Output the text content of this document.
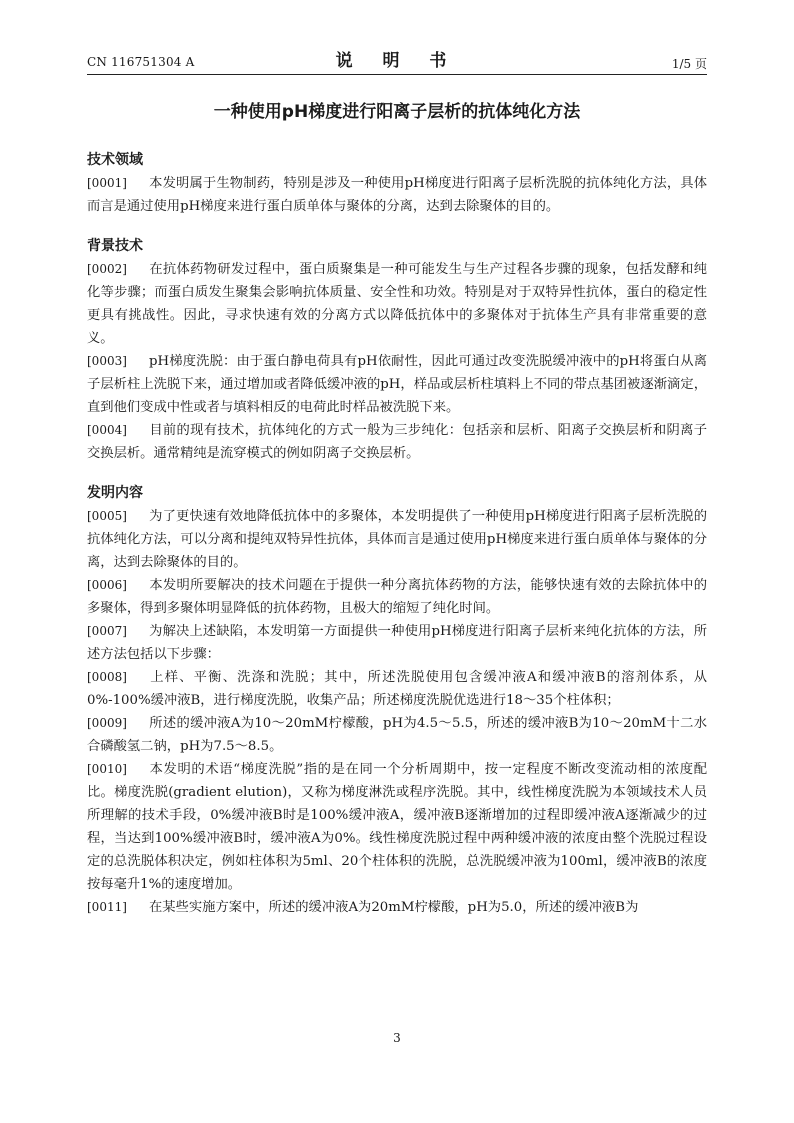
CN 116751304 A	说 明 书	1/5 页
一种使用pH梯度进行阳离子层析的抗体纯化方法
技术领域

[0001] 本发明属于生物制药，特别是涉及一种使用pH梯度进行阳离子层析洗脱的抗体纯化方法，具体而言是通过使用pH梯度来进行蛋白质单体与聚体的分离，达到去除聚体的目的。

背景技术

[0002] 在抗体药物研发过程中，蛋白质聚集是一种可能发生与生产过程各步骤的现象，包括发酵和纯化等步骤；而蛋白质发生聚集会影响抗体质量、安全性和功效。特别是对于双特异性抗体，蛋白的稳定性更具有挑战性。因此，寻求快速有效的分离方式以降低抗体中的多聚体对于抗体生产具有非常重要的意义。

[0003] pH梯度洗脱：由于蛋白静电荷具有pH依耐性，因此可通过改变洗脱缓冲液中的pH将蛋白从离子层析柱上洗脱下来，通过增加或者降低缓冲液的pH，样品或层析柱填料上不同的带点基团被逐渐滴定，直到他们变成中性或者与填料相反的电荷此时样品被洗脱下来。

[0004] 目前的现有技术，抗体纯化的方式一般为三步纯化：包括亲和层析、阳离子交换层析和阴离子交换层析。通常精纯是流穿模式的例如阴离子交换层析。

发明内容

[0005] 为了更快速有效地降低抗体中的多聚体，本发明提供了一种使用pH梯度进行阳离子层析洗脱的抗体纯化方法，可以分离和提纯双特异性抗体，具体而言是通过使用pH梯度来进行蛋白质单体与聚体的分离，达到去除聚体的目的。

[0006] 本发明所要解决的技术问题在于提供一种分离抗体药物的方法，能够快速有效的去除抗体中的多聚体，得到多聚体明显降低的抗体药物，且极大的缩短了纯化时间。

[0007] 为解决上述缺陷，本发明第一方面提供一种使用pH梯度进行阳离子层析来纯化抗体的方法，所述方法包括以下步骤：

[0008] 上样、平衡、洗涤和洗脱；其中，所述洗脱使用包含缓冲液A和缓冲液B的溶剂体系，从0%-100%缓冲液B，进行梯度洗脱，收集产品；所述梯度洗脱优选进行18～35个柱体积；

[0009] 所述的缓冲液A为10～20mM柠檬酸，pH为4.5～5.5，所述的缓冲液B为10～20mM十二水合磷酸氢二钠，pH为7.5～8.5。

[0010] 本发明的术语“梯度洗脱”指的是在同一个分析周期中，按一定程度不断改变流动相的浓度配比。梯度洗脱(gradient elution)，又称为梯度淋洗或程序洗脱。其中，线性梯度洗脱为本领域技术人员所理解的技术手段，0%缓冲液B时是100%缓冲液A，缓冲液B逐渐增加的过程即缓冲液A逐渐减少的过程，当达到100%缓冲液B时，缓冲液A为0%。线性梯度洗脱过程中两种缓冲液的浓度由整个洗脱过程设定的总洗脱体积决定，例如柱体积为5ml、20个柱体积的洗脱，总洗脱缓冲液为100ml，缓冲液B的浓度按每毫升1%的速度增加。

[0011] 在某些实施方案中，所述的缓冲液A为20mM柠檬酸，pH为5.0，所述的缓冲液B为

3
